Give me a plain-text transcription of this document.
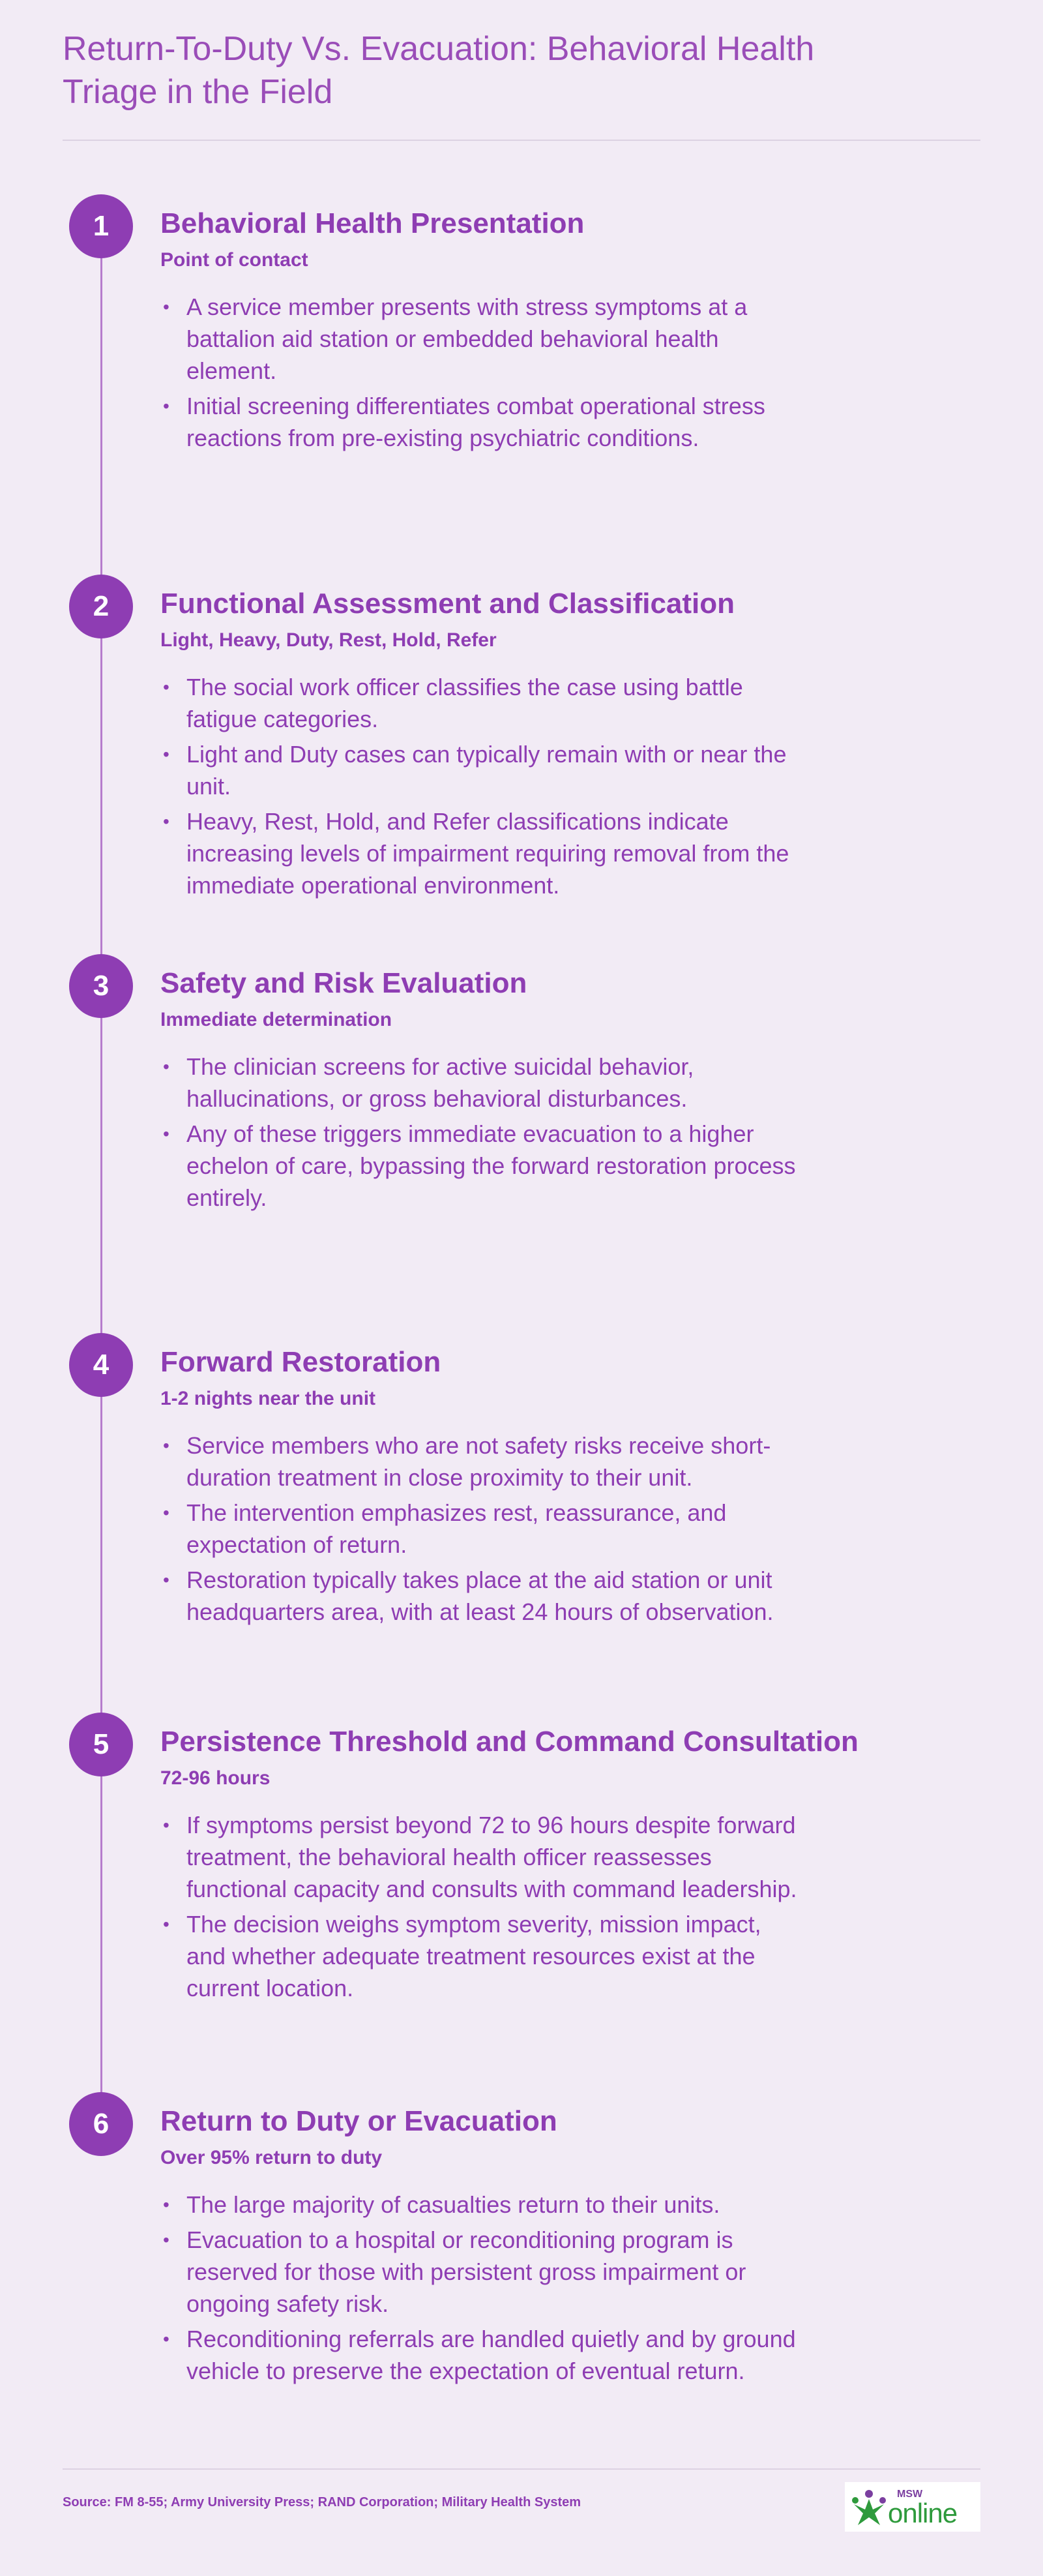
Return-To-Duty Vs. Evacuation: Behavioral Health Triage in the Field
1	Behavioral Health Presentation
Point of contact
• A service member presents with stress symptoms at a battalion aid station or embedded behavioral health element.
• Initial screening differentiates combat operational stress reactions from pre-existing psychiatric conditions.
2	Functional Assessment and Classification
Light, Heavy, Duty, Rest, Hold, Refer
• The social work officer classifies the case using battle fatigue categories.
• Light and Duty cases can typically remain with or near the unit.
• Heavy, Rest, Hold, and Refer classifications indicate increasing levels of impairment requiring removal from the immediate operational environment.
3	Safety and Risk Evaluation
Immediate determination
• The clinician screens for active suicidal behavior, hallucinations, or gross behavioral disturbances.
• Any of these triggers immediate evacuation to a higher echelon of care, bypassing the forward restoration process entirely.
4	Forward Restoration
1-2 nights near the unit
• Service members who are not safety risks receive short-duration treatment in close proximity to their unit.
• The intervention emphasizes rest, reassurance, and expectation of return.
• Restoration typically takes place at the aid station or unit headquarters area, with at least 24 hours of observation.
5	Persistence Threshold and Command Consultation
72-96 hours
• If symptoms persist beyond 72 to 96 hours despite forward treatment, the behavioral health officer reassesses functional capacity and consults with command leadership.
• The decision weighs symptom severity, mission impact, and whether adequate treatment resources exist at the current location.
6	Return to Duty or Evacuation
Over 95% return to duty
• The large majority of casualties return to their units.
• Evacuation to a hospital or reconditioning program is reserved for those with persistent gross impairment or ongoing safety risk.
• Reconditioning referrals are handled quietly and by ground vehicle to preserve the expectation of eventual return.
Source: FM 8-55; Army University Press; RAND Corporation; Military Health System
MSW
online
